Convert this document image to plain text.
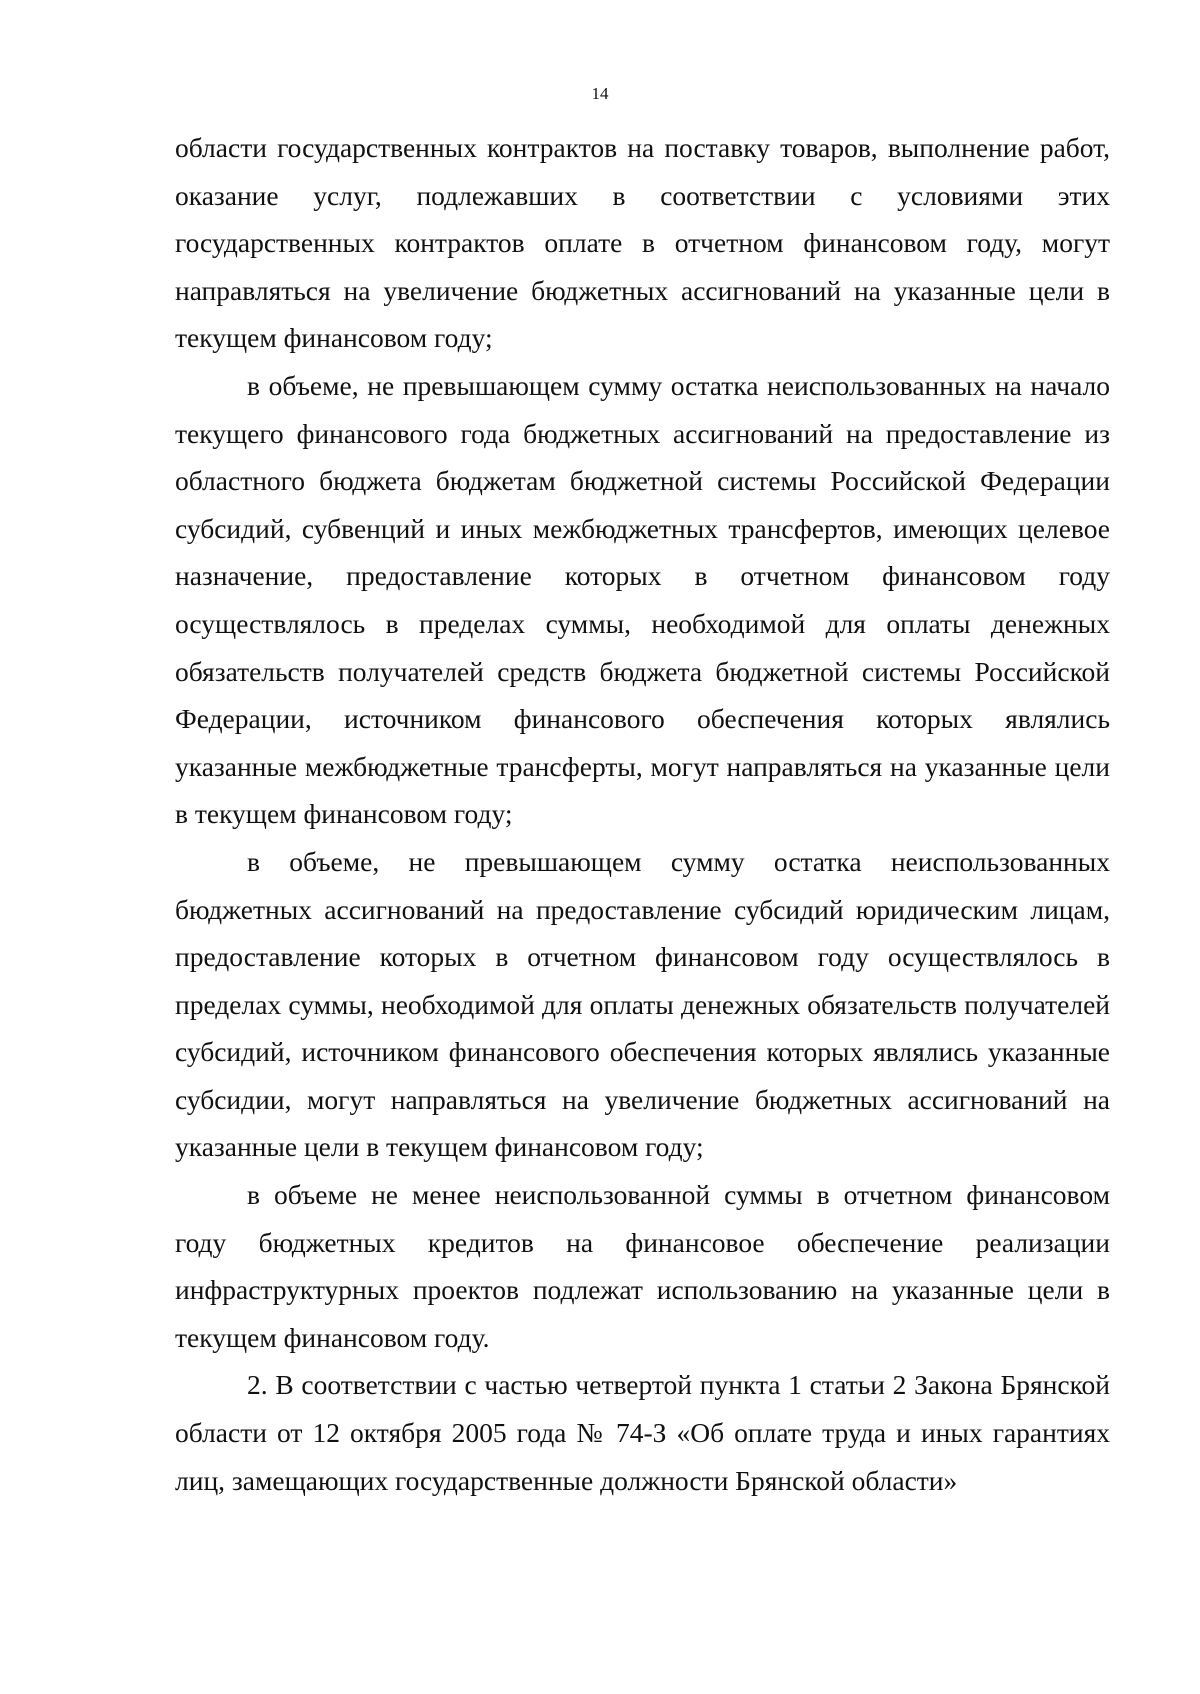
14

области государственных контрактов на поставку товаров, выполнение работ, оказание услуг, подлежавших в соответствии с условиями этих государственных контрактов оплате в отчетном финансовом году, могут направляться на увеличение бюджетных ассигнований на указанные цели в текущем финансовом году;

в объеме, не превышающем сумму остатка неиспользованных на начало текущего финансового года бюджетных ассигнований на предоставление из областного бюджета бюджетам бюджетной системы Российской Федерации субсидий, субвенций и иных межбюджетных трансфертов, имеющих целевое назначение, предоставление которых в отчетном финансовом году осуществлялось в пределах суммы, необходимой для оплаты денежных обязательств получателей средств бюджета бюджетной системы Российской Федерации, источником финансового обеспечения которых являлись указанные межбюджетные трансферты, могут направляться на указанные цели в текущем финансовом году;

в объеме, не превышающем сумму остатка неиспользованных бюджетных ассигнований на предоставление субсидий юридическим лицам, предоставление которых в отчетном финансовом году осуществлялось в пределах суммы, необходимой для оплаты денежных обязательств получателей субсидий, источником финансового обеспечения которых являлись указанные субсидии, могут направляться на увеличение бюджетных ассигнований на указанные цели в текущем финансовом году;

в объеме не менее неиспользованной суммы в отчетном финансовом году бюджетных кредитов на финансовое обеспечение реализации инфраструктурных проектов подлежат использованию на указанные цели в текущем финансовом году.

2. В соответствии с частью четвертой пункта 1 статьи 2 Закона Брянской области от 12 октября 2005 года № 74-З «Об оплате труда и иных гарантиях лиц, замещающих государственные должности Брянской области»
